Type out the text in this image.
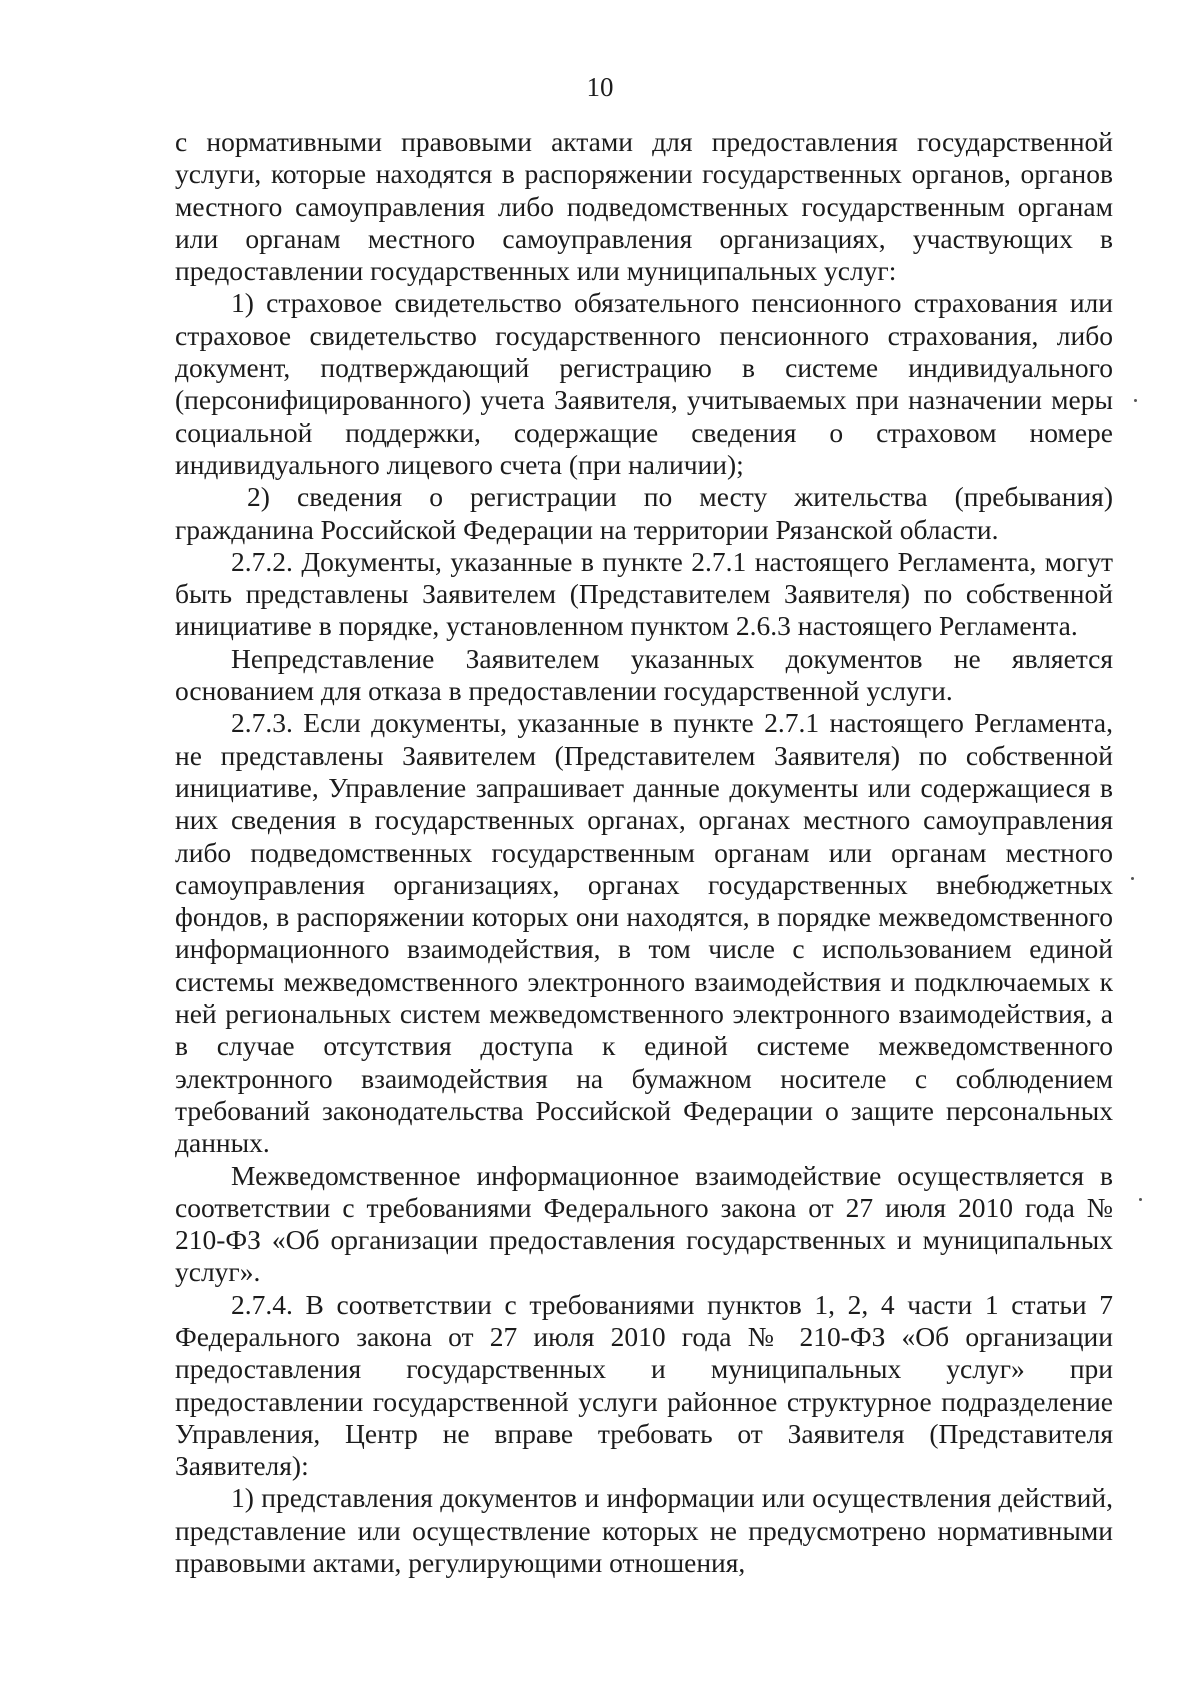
10

с нормативными правовыми актами для предоставления государственной услуги, которые находятся в распоряжении государственных органов, органов местного самоуправления либо подведомственных государственным органам или органам местного самоуправления организациях, участвующих в предоставлении государственных или муниципальных услуг:

1) страховое свидетельство обязательного пенсионного страхования или страховое свидетельство государственного пенсионного страхования, либо документ, подтверждающий регистрацию в системе индивидуального (персонифицированного) учета Заявителя, учитываемых при назначении меры социальной поддержки, содержащие сведения о страховом номере индивидуального лицевого счета (при наличии);

2) сведения о регистрации по месту жительства (пребывания) гражданина Российской Федерации на территории Рязанской области.

2.7.2. Документы, указанные в пункте 2.7.1 настоящего Регламента, могут быть представлены Заявителем (Представителем Заявителя) по собственной инициативе в порядке, установленном пунктом 2.6.3 настоящего Регламента.

Непредставление Заявителем указанных документов не является основанием для отказа в предоставлении государственной услуги.

2.7.3. Если документы, указанные в пункте 2.7.1 настоящего Регламента, не представлены Заявителем (Представителем Заявителя) по собственной инициативе, Управление запрашивает данные документы или содержащиеся в них сведения в государственных органах, органах местного самоуправления либо подведомственных государственным органам или органам местного самоуправления организациях, органах государственных внебюджетных фондов, в распоряжении которых они находятся, в порядке межведомственного информационного взаимодействия, в том числе с использованием единой системы межведомственного электронного взаимодействия и подключаемых к ней региональных систем межведомственного электронного взаимодействия, а в случае отсутствия доступа к единой системе межведомственного электронного взаимодействия на бумажном носителе с соблюдением требований законодательства Российской Федерации о защите персональных данных.

Межведомственное информационное взаимодействие осуществляется в соответствии с требованиями Федерального закона от 27 июля 2010 года № 210-ФЗ «Об организации предоставления государственных и муниципальных услуг».

2.7.4. В соответствии с требованиями пунктов 1, 2, 4 части 1 статьи 7 Федерального закона от 27 июля 2010 года № 210-ФЗ «Об организации предоставления государственных и муниципальных услуг» при предоставлении государственной услуги районное структурное подразделение Управления, Центр не вправе требовать от Заявителя (Представителя Заявителя):

1) представления документов и информации или осуществления действий, представление или осуществление которых не предусмотрено нормативными правовыми актами, регулирующими отношения,
